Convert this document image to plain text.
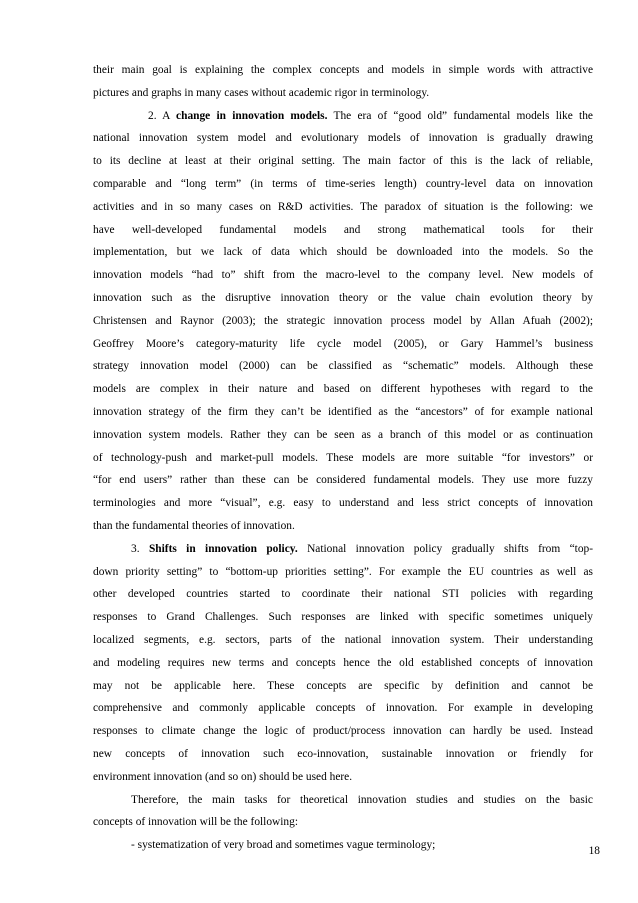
their main goal is explaining the complex concepts and models in simple words with attractive
pictures and graphs in many cases without academic rigor in terminology.
2. A change in innovation models. The era of “good old” fundamental models like the
national innovation system model and evolutionary models of innovation is gradually drawing
to its decline at least at their original setting. The main factor of this is the lack of reliable,
comparable and “long term” (in terms of time-series length) country-level data on innovation
activities and in so many cases on R&D activities. The paradox of situation is the following: we
have well-developed fundamental models and strong mathematical tools for their
implementation, but we lack of data which should be downloaded into the models. So the
innovation models “had to” shift from the macro-level to the company level. New models of
innovation such as the disruptive innovation theory or the value chain evolution theory by
Christensen and Raynor (2003); the strategic innovation process model by Allan Afuah (2002);
Geoffrey Moore’s category-maturity life cycle model (2005), or Gary Hammel’s business
strategy innovation model (2000) can be classified as “schematic” models. Although these
models are complex in their nature and based on different hypotheses with regard to the
innovation strategy of the firm they can’t be identified as the “ancestors” of for example national
innovation system models. Rather they can be seen as a branch of this model or as continuation
of technology-push and market-pull models. These models are more suitable “for investors” or
“for end users” rather than these can be considered fundamental models. They use more fuzzy
terminologies and more “visual”, e.g. easy to understand and less strict concepts of innovation
than the fundamental theories of innovation.
3. Shifts in innovation policy. National innovation policy gradually shifts from “top-
down priority setting” to “bottom-up priorities setting”. For example the EU countries as well as
other developed countries started to coordinate their national STI policies with regarding
responses to Grand Challenges. Such responses are linked with specific sometimes uniquely
localized segments, e.g. sectors, parts of the national innovation system. Their understanding
and modeling requires new terms and concepts hence the old established concepts of innovation
may not be applicable here. These concepts are specific by definition and cannot be
comprehensive and commonly applicable concepts of innovation. For example in developing
responses to climate change the logic of product/process innovation can hardly be used. Instead
new concepts of innovation such eco-innovation, sustainable innovation or friendly for
environment innovation (and so on) should be used here.
Therefore, the main tasks for theoretical innovation studies and studies on the basic
concepts of innovation will be the following:
- systematization of very broad and sometimes vague terminology;	18
